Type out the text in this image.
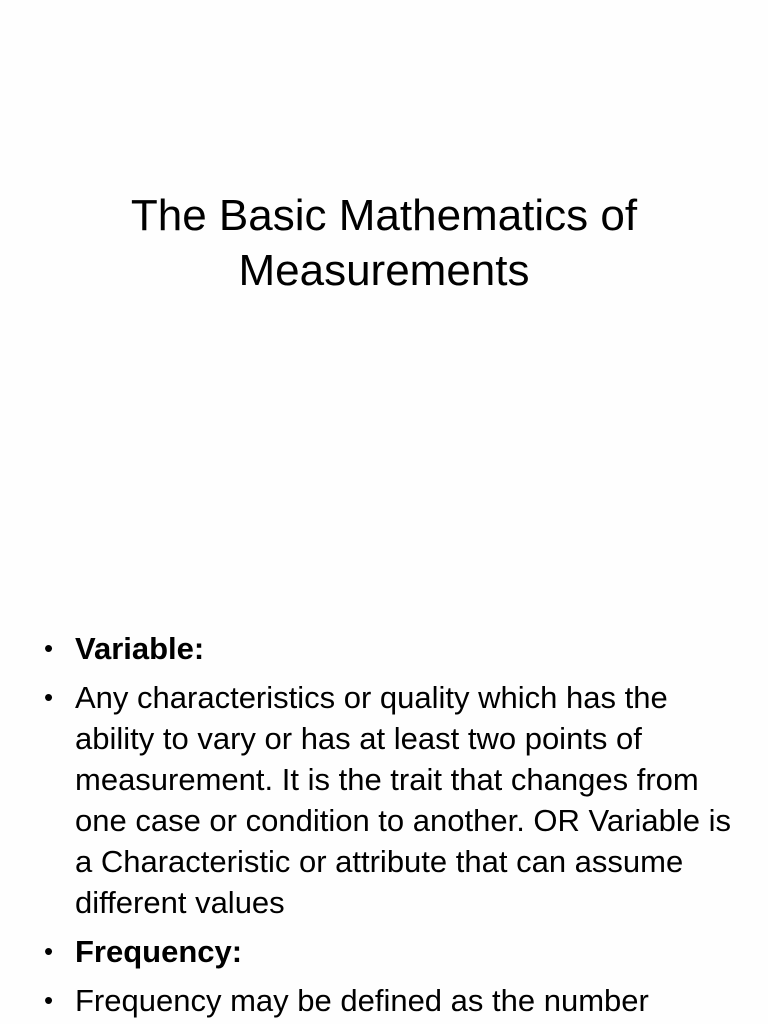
The Basic Mathematics of Measurements
• Variable:
• Any characteristics or quality which has the ability to vary or has at least two points of measurement. It is the trait that changes from one case or condition to another. OR Variable is a Characteristic or attribute that can assume different values
• Frequency:
• Frequency may be defined as the number
